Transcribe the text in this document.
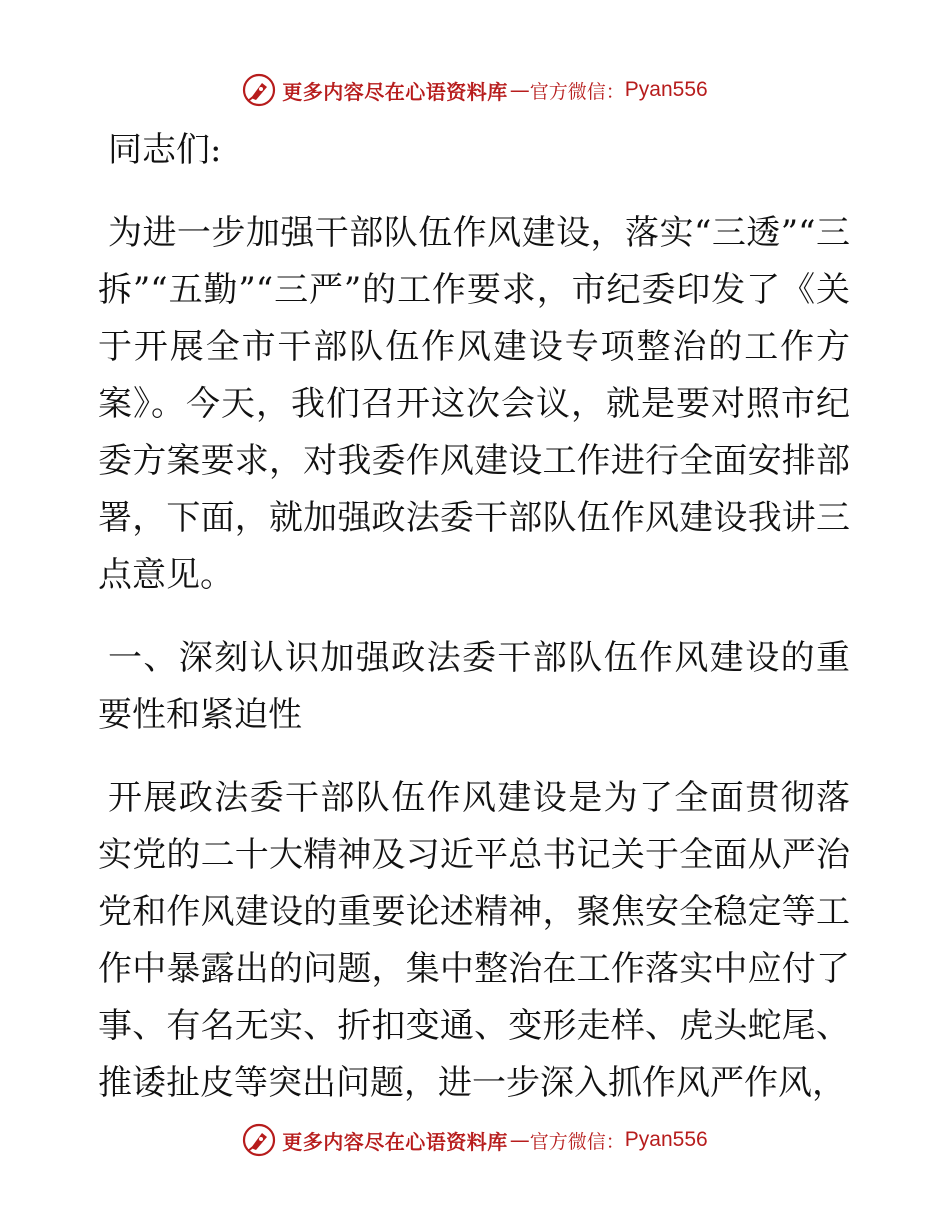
更多内容尽在心语资料库 — 官方微信： Pyan556

同志们:

为进一步加强干部队伍作风建设，落实“三透”“三拆”“五勤”“三严”的工作要求，市纪委印发了《关于开展全市干部队伍作风建设专项整治的工作方案》。今天，我们召开这次会议，就是要对照市纪委方案要求，对我委作风建设工作进行全面安排部署，下面，就加强政法委干部队伍作风建设我讲三点意见。

一、深刻认识加强政法委干部队伍作风建设的重要性和紧迫性

开展政法委干部队伍作风建设是为了全面贯彻落实党的二十大精神及习近平总书记关于全面从严治党和作风建设的重要论述精神，聚焦安全稳定等工作中暴露出的问题，集中整治在工作落实中应付了事、有名无实、折扣变通、变形走样、虎头蛇尾、推诿扯皮等突出问题，进一步深入抓作风严作风，

更多内容尽在心语资料库 — 官方微信： Pyan556
